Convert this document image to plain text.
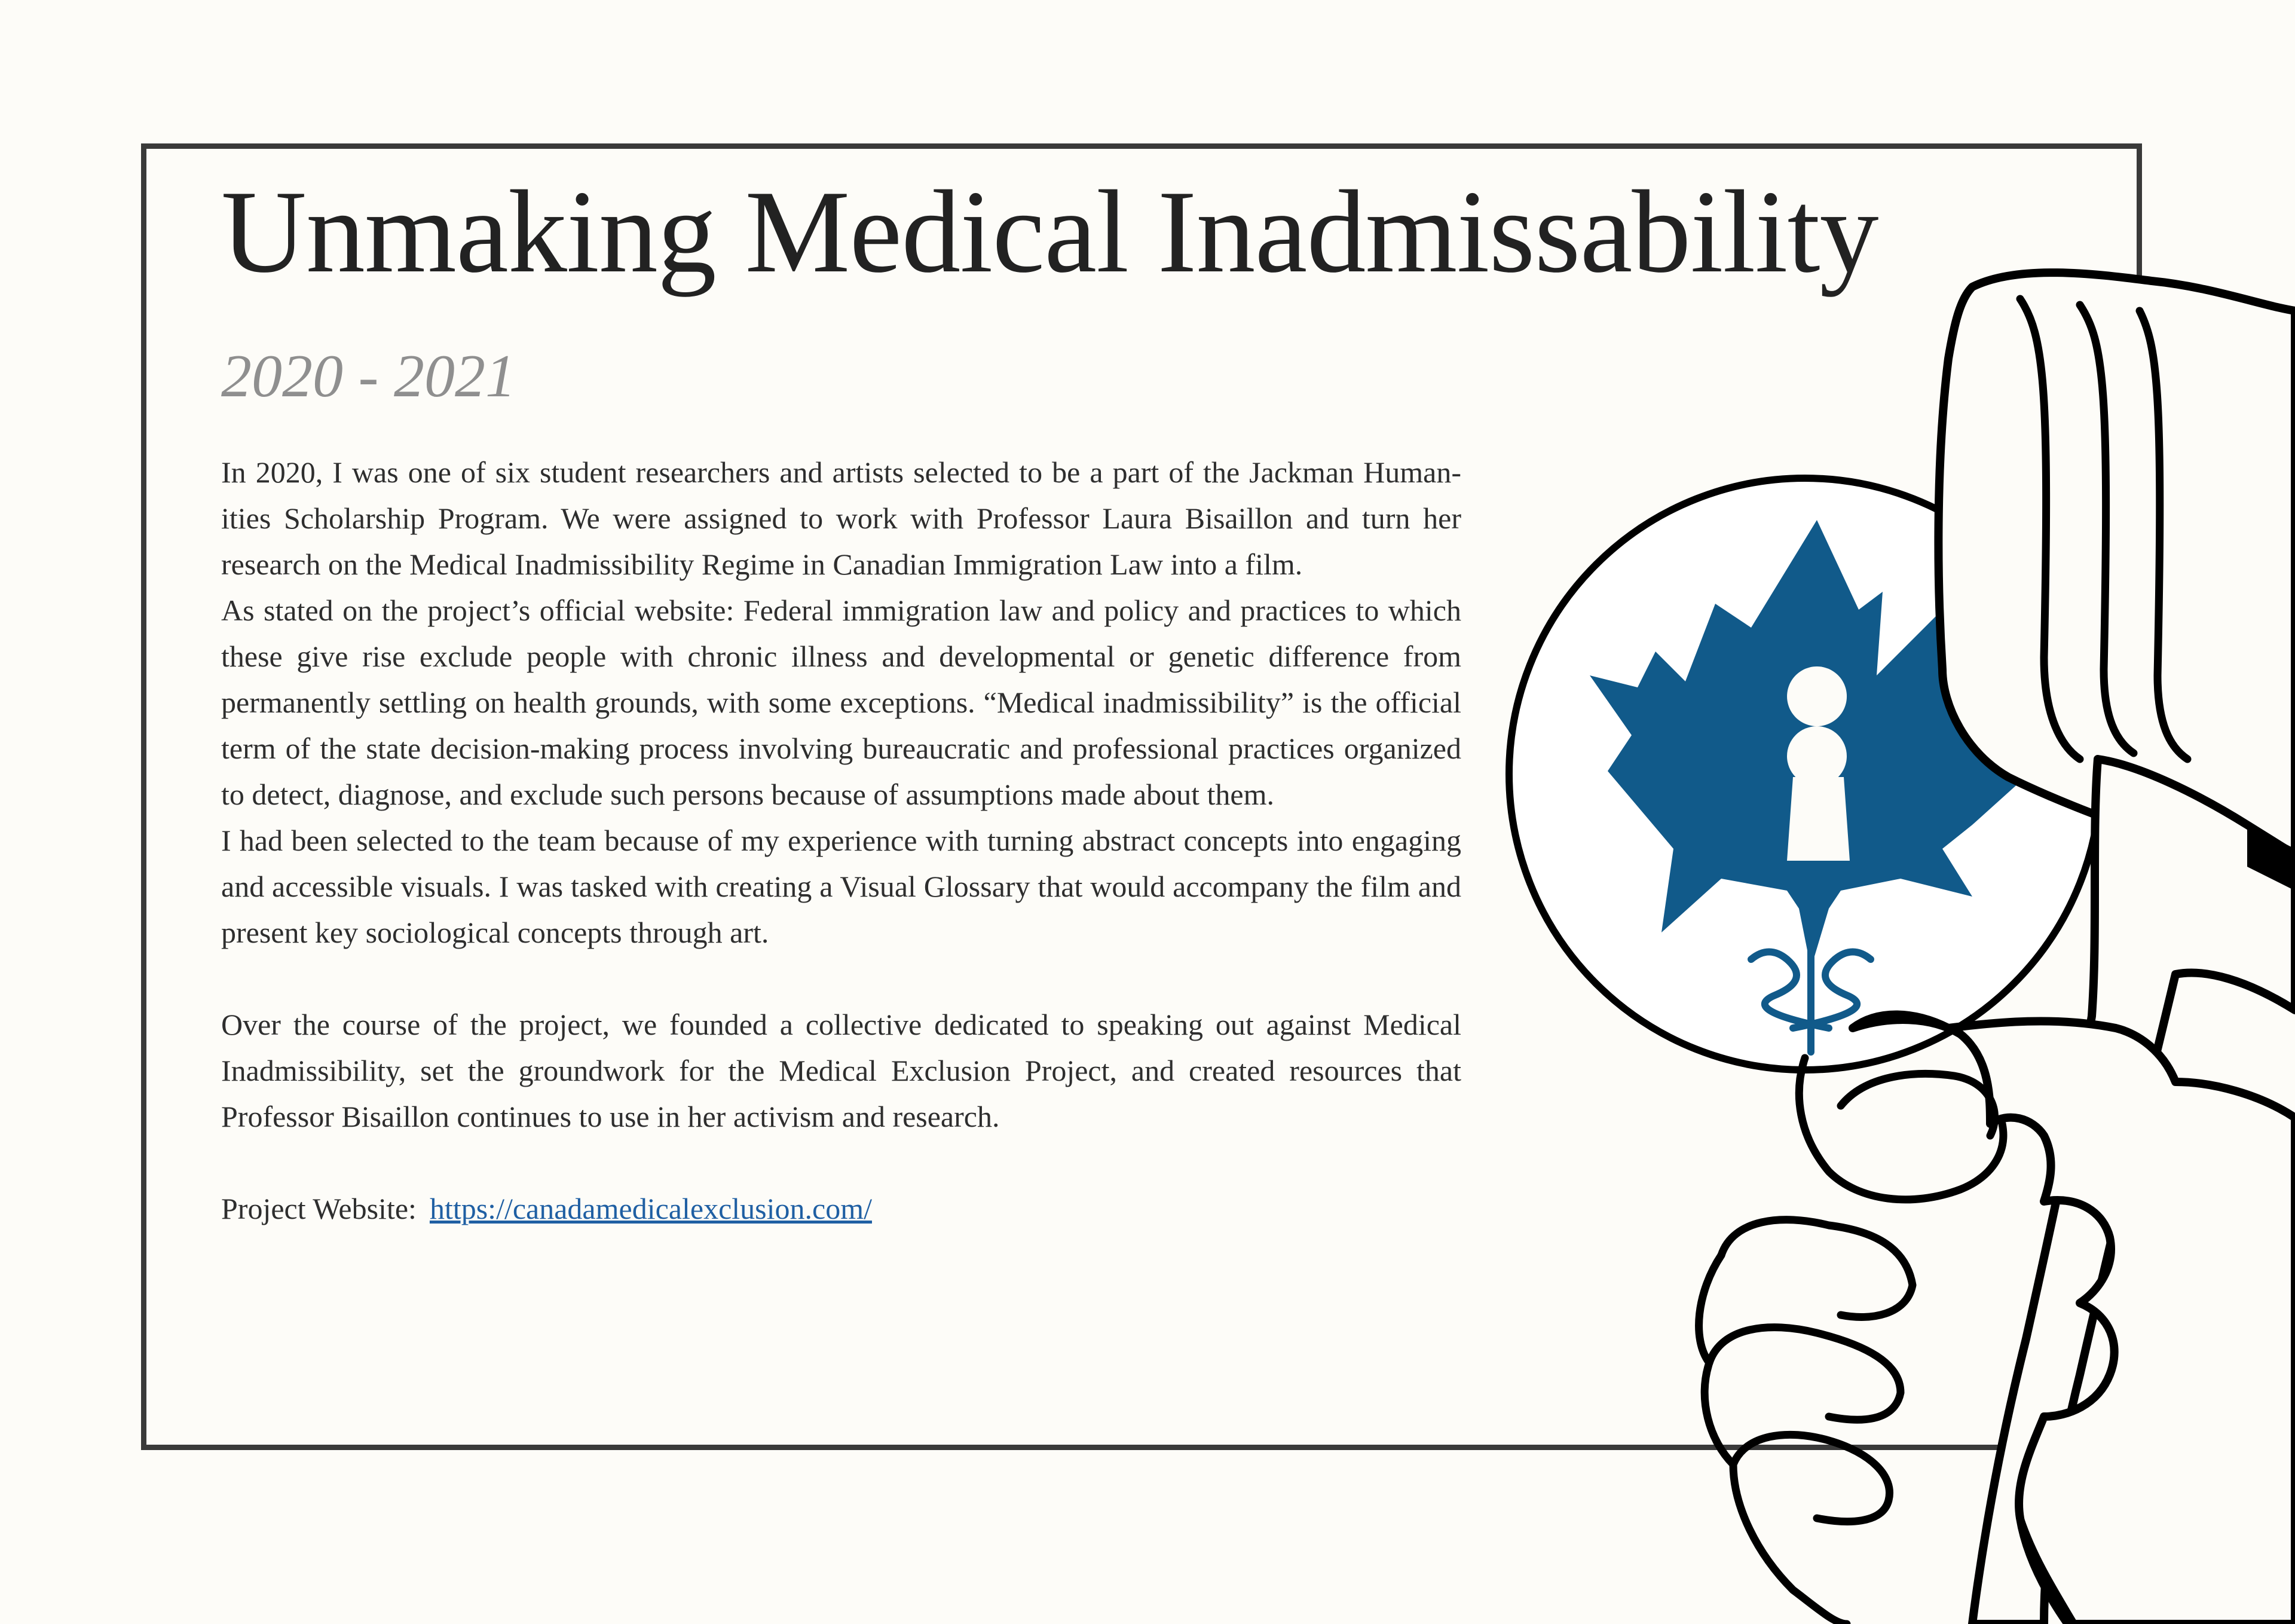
Unmaking Medical Inadmissability
2020 - 2021

In 2020, I was one of six student researchers and artists selected to be a part of the Jackman Human-ities Scholarship Program. We were assigned to work with Professor Laura Bisaillon and turn her research on the Medical Inadmissibility Regime in Canadian Immigration Law into a film.

As stated on the project’s official website: Federal immigration law and policy and practices to which these give rise exclude people with chronic illness and developmental or genetic difference from permanently settling on health grounds, with some exceptions. “Medical inadmissibility” is the official term of the state decision-making process involving bureaucratic and professional practices organized to detect, diagnose, and exclude such persons because of assumptions made about them.

I had been selected to the team because of my experience with turning abstract concepts into engaging and accessible visuals. I was tasked with creating a Visual Glossary that would accompany the film and present key sociological concepts through art.

Over the course of the project, we founded a collective dedicated to speaking out against Medical Inadmissibility, set the groundwork for the Medical Exclusion Project, and created resources that Professor Bisaillon continues to use in her activism and research.

Project Website: https://canadamedicalexclusion.com/
